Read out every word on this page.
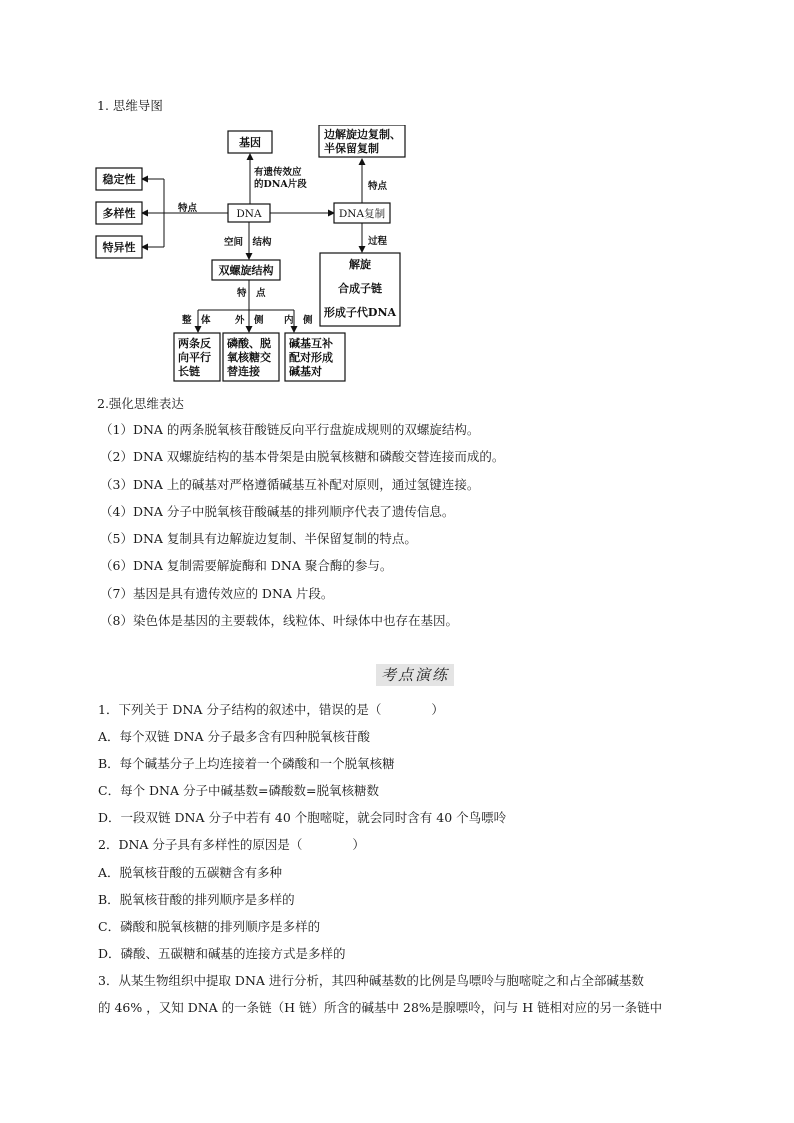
1. 思维导图
基因
稳定性
多样性
特异性
DNA	DNA复制
边解旋边复制、
半保留复制
双螺旋结构	解旋
合成子链
形成子代DNA
两条反
向平行
长链
磷酸、脱
氧核糖交
替连接
碱基互补
配对形成
碱基对
有遗传效应
的DNA片段
特点
特点
空间　结构	过程
特　点
整　体	外　侧 内　侧
2.强化思维表达
（1）DNA 的两条脱氧核苷酸链反向平行盘旋成规则的双螺旋结构。
（2）DNA 双螺旋结构的基本骨架是由脱氧核糖和磷酸交替连接而成的。
（3）DNA 上的碱基对严格遵循碱基互补配对原则，通过氢键连接。
（4）DNA 分子中脱氧核苷酸碱基的排列顺序代表了遗传信息。
（5）DNA 复制具有边解旋边复制、半保留复制的特点。
（6）DNA 复制需要解旋酶和 DNA 聚合酶的参与。
（7）基因是具有遗传效应的 DNA 片段。
（8）染色体是基因的主要载体，线粒体、叶绿体中也存在基因。
考点演练
1．下列关于 DNA 分子结构的叙述中，错误的是（　　　　）
A．每个双链 DNA 分子最多含有四种脱氧核苷酸
B．每个碱基分子上均连接着一个磷酸和一个脱氧核糖
C．每个 DNA 分子中碱基数=磷酸数=脱氧核糖数
D．一段双链 DNA 分子中若有 40 个胞嘧啶，就会同时含有 40 个鸟嘌呤
2．DNA 分子具有多样性的原因是（　　　　）
A．脱氧核苷酸的五碳糖含有多种
B．脱氧核苷酸的排列顺序是多样的
C．磷酸和脱氧核糖的排列顺序是多样的
D．磷酸、五碳糖和碱基的连接方式是多样的
3．从某生物组织中提取 DNA 进行分析，其四种碱基数的比例是鸟嘌呤与胞嘧啶之和占全部碱基数
的 46% ，又知 DNA 的一条链（H 链）所含的碱基中 28%是腺嘌呤，问与 H 链相对应的另一条链中
